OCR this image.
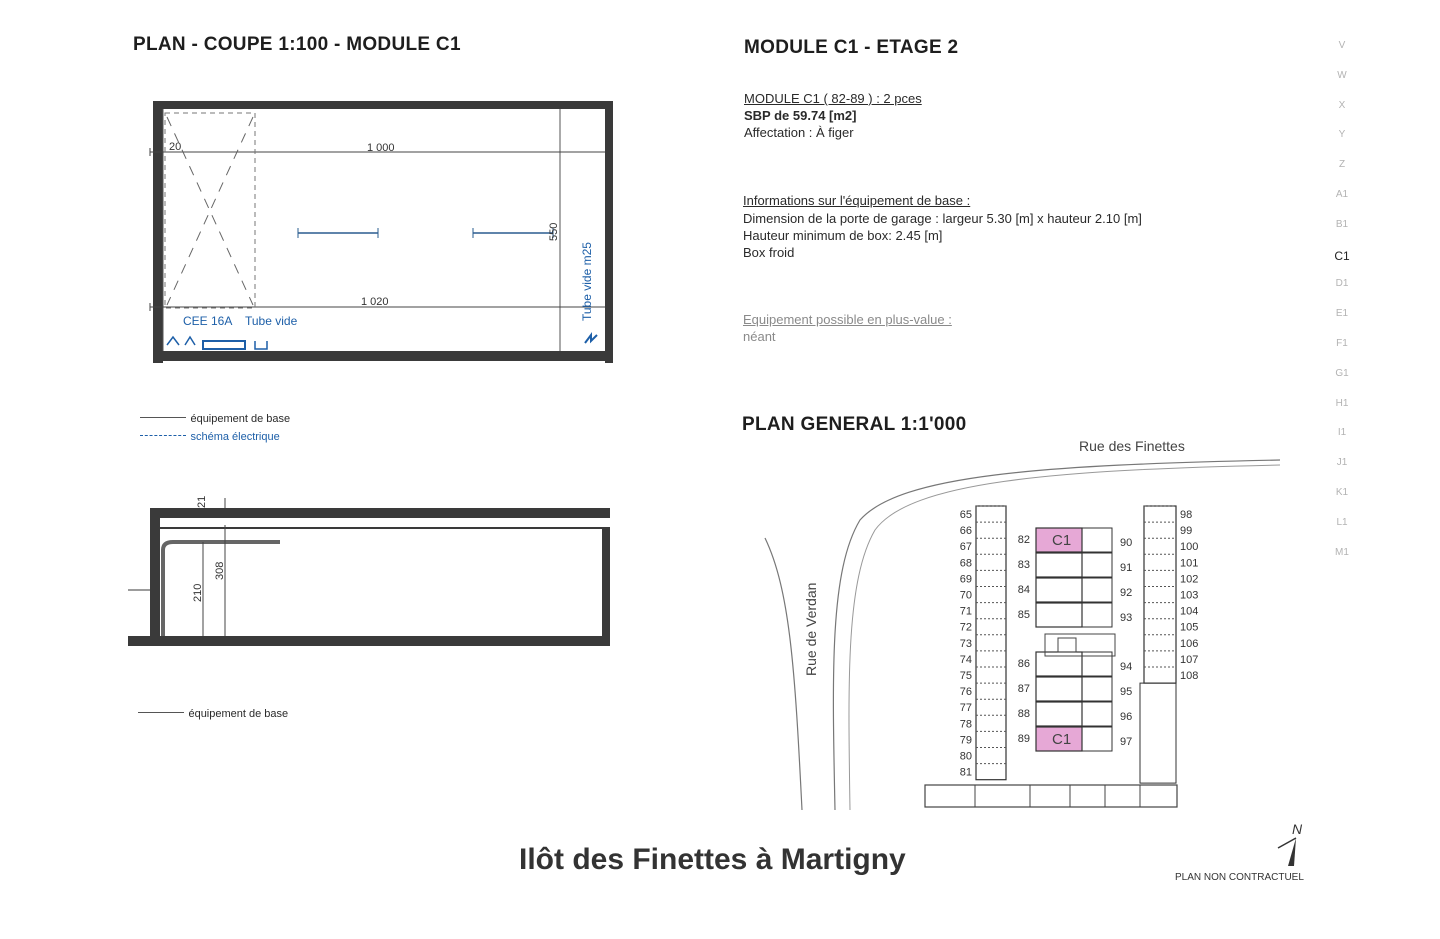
PLAN - COUPE 1:100 - MODULE C1
20	1 000
1 020
550
Tube vide m25
CEE 16A Tube vide
équipement de base
schéma électrique
21
308
210
équipement de base
MODULE C1 - ETAGE 2
MODULE C1 ( 82-89 ) : 2 pces
SBP de 59.74 [m2]
Affectation : À figer
Informations sur l'équipement de base :
Dimension de la porte de garage : largeur 5.30 [m] x hauteur 2.10 [m]
Hauteur minimum de box: 2.45 [m]
Box froid
Equipement possible en plus-value :
néant
PLAN GENERAL 1:1'000
Rue des Finettes
65
66
67
68
69
70
71
72
73
74
75
76
77
78
79
80
81
98
99
100
101
102
103
104
105
106
107
108
82 C1
83
84
85
86
87
88
89 C1
90
91
92
93
94
95
96
97
Rue de Verdan
V
W
X
Y
Z
A1
B1
C1
D1
E1
F1
G1
H1
I1
J1
K1
L1
M1
Ilôt des Finettes à Martigny
N
PLAN NON CONTRACTUEL
